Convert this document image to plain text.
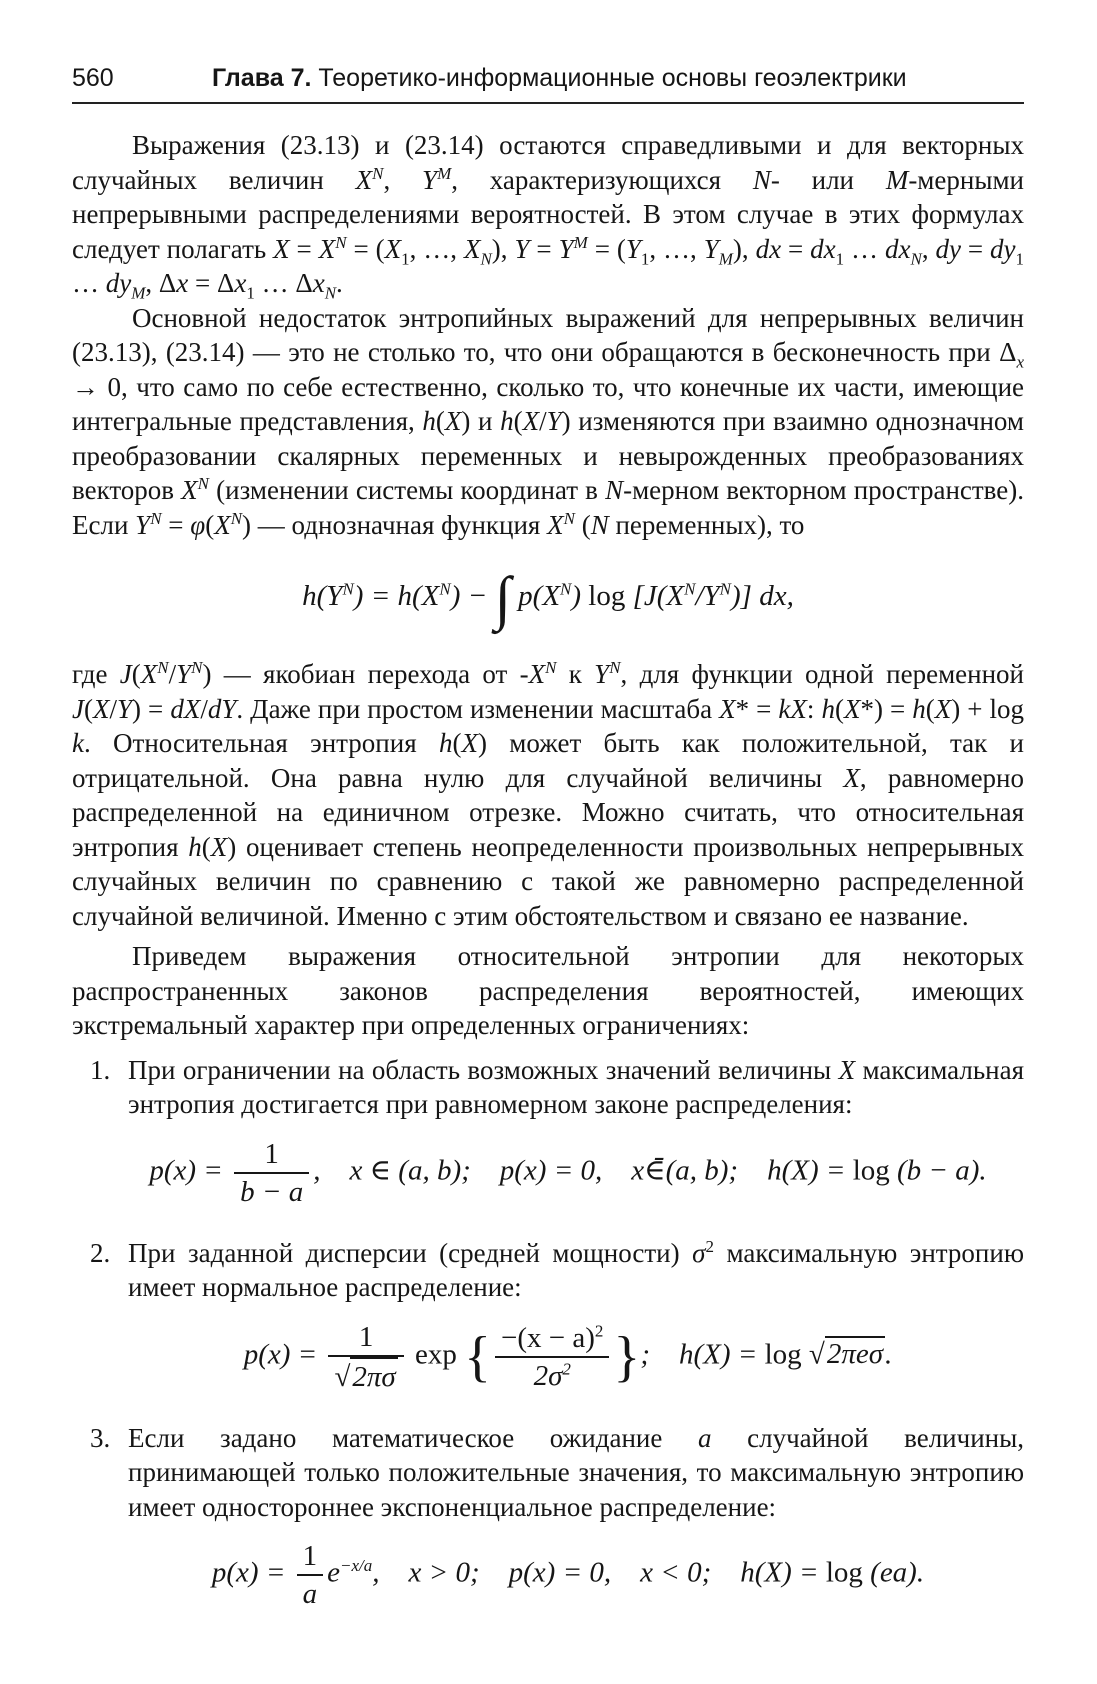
560	Глава 7. Теоретико-информационные основы геоэлектрики

Выражения (23.13) и (23.14) остаются справедливыми и для векторных случайных величин $X^N$, $Y^M$, характеризующихся N- или M-мерными непрерывными распределениями вероятностей. В этом случае в этих формулах следует полагать $X = X^N = (X_1$, …, $X_N$), $Y = Y^M = (Y_1$, …, $Y_M$), dx = $dx_1$ … $dx_N$, dy = $dy_1$ … $dy_M$, $\Delta x = \Delta x_1$ … $\Delta x_N$.

Основной недостаток энтропийных выражений для непрерывных величин (23.13), (23.14) — это не столько то, что они обращаются в бесконечность при $\Delta_x \to 0$, что само по себе естественно, сколько то, что конечные их части, имеющие интегральные представления, h(X) и h(X/Y) изменяются при взаимно однозначном преобразовании скалярных переменных и невырожденных преобразованиях векторов $X^N$ (изменении системы координат в N-мерном векторном пространстве). Если $Y^N = \varphi(X^N)$ — однозначная функция $X^N$ (N переменных), то

$h(Y^N) = h(X^N)$ − ∫ $p(X^N)$ $\log [J(X^N/Y^N)]$ dx,

где $J(X^N/Y^N)$ — якобиан перехода от $-X^N$ к $Y^N$, для функции одной переменной J(X/Y) = dX/dY. Даже при простом изменении масштаба X* = kX: h(X*) = h(X) + log k. Относительная энтропия h(X) может быть как положительной, так и отрицательной. Она равна нулю для случайной величины X, равномерно распределенной на единичном отрезке. Можно считать, что относительная энтропия h(X) оценивает степень неопределенности произвольных непрерывных случайных величин по сравнению с такой же равномерно распределенной случайной величиной. Именно с этим обстоятельством и связано ее название.

Приведем выражения относительной энтропии для некоторых распространенных законов распределения вероятностей, имеющих экстремальный характер при определенных ограничениях:

1. При ограничении на область возможных значений величины X максимальная энтропия достигается при равномерном законе распределения:
$p(x) = \frac{1}{b - a}$ ,    x ∈ (a, b);    p(x) = 0,    x∈̄(a, b);    h(X) = log (b − a).
2. При заданной дисперсии (средней мощности) $\sigma^2$ максимальную энтропию имеет нормальное распределение:
$p(x) = \frac{1}{√2\pi\sigma}$ exp { $\frac{-(x - a)^2}{2\sigma^2}$ };    h(X) = log √2πeσ.
3. Если задано математическое ожидание a случайной величины, принимающей только положительные значения, то максимальную энтропию имеет одностороннее экспоненциальное распределение:
$p(x) = \frac{1}{a} e^{-x/a}$,    x > 0;    p(x) = 0,    x < 0;    h(X) = log (ea).
